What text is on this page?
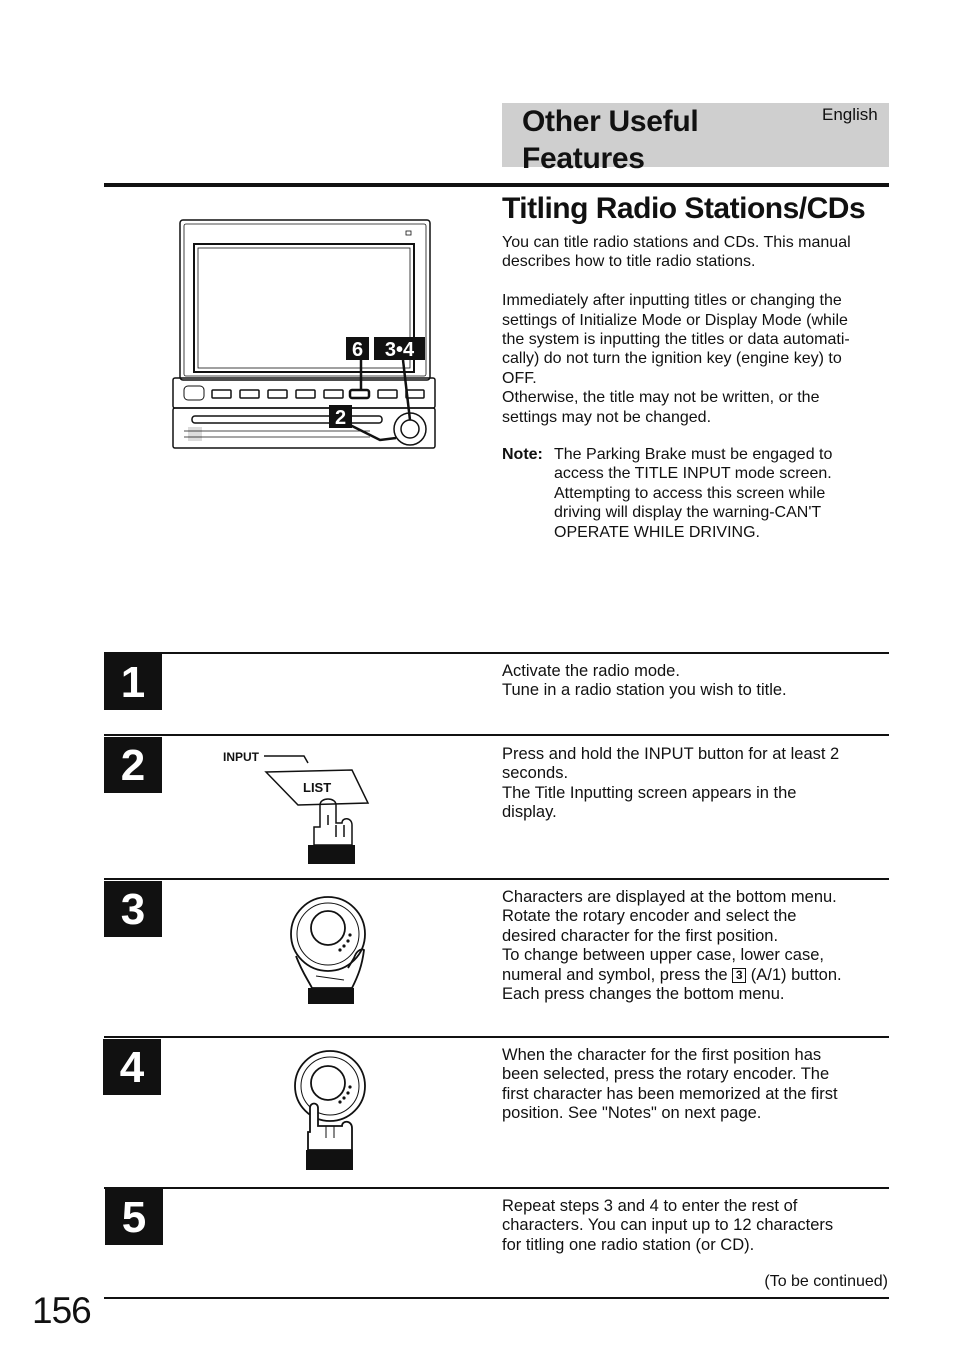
Other Useful Features
English
Titling Radio Stations/CDs

You can title radio stations and CDs. This manual
describes how to title radio stations.

Immediately after inputting titles or changing the
settings of Initialize Mode or Display Mode (while
the system is inputting the titles or data automati-
cally) do not turn the ignition key (engine key) to
OFF.
Otherwise, the title may not be written, or the
settings may not be changed.

Note: The Parking Brake must be engaged to
access the TITLE INPUT mode screen.
Attempting to access this screen while
driving will display the warning-CAN'T
OPERATE WHILE DRIVING.
6 3•4
2
1	Activate the radio mode.
Tune in a radio station you wish to title.
2	Press and hold the INPUT button for at least 2
seconds.
The Title Inputting screen appears in the
display.
INPUT
LIST
3	Characters are displayed at the bottom menu.
Rotate the rotary encoder and select the
desired character for the first position.
To change between upper case, lower case,
numeral and symbol, press the 3 (A/1) button.
Each press changes the bottom menu.
4	When the character for the first position has
been selected, press the rotary encoder. The
first character has been memorized at the first
position. See "Notes" on next page.
5	Repeat steps 3 and 4 to enter the rest of
characters. You can input up to 12 characters
for titling one radio station (or CD).
(To be continued)
156
